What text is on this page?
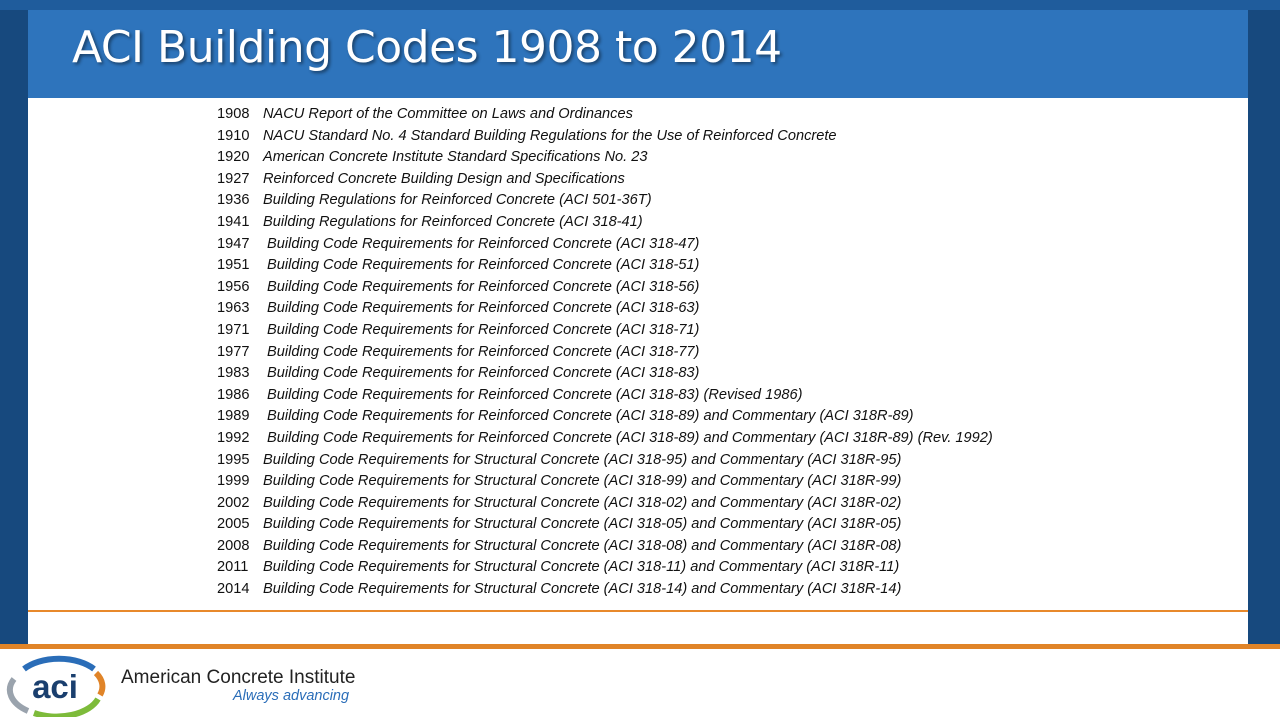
ACI Building Codes 1908 to 2014
1908 NACU Report of the Committee on Laws and Ordinances
1910 NACU Standard No. 4 Standard Building Regulations for the Use of Reinforced Concrete
1920 American Concrete Institute Standard Specifications No. 23
1927 Reinforced Concrete Building Design and Specifications
1936 Building Regulations for Reinforced Concrete (ACI 501-36T)
1941 Building Regulations for Reinforced Concrete (ACI 318-41)
1947 Building Code Requirements for Reinforced Concrete (ACI 318-47)
1951 Building Code Requirements for Reinforced Concrete (ACI 318-51)
1956 Building Code Requirements for Reinforced Concrete (ACI 318-56)
1963 Building Code Requirements for Reinforced Concrete (ACI 318-63)
1971 Building Code Requirements for Reinforced Concrete (ACI 318-71)
1977 Building Code Requirements for Reinforced Concrete (ACI 318-77)
1983 Building Code Requirements for Reinforced Concrete (ACI 318-83)
1986 Building Code Requirements for Reinforced Concrete (ACI 318-83) (Revised 1986)
1989 Building Code Requirements for Reinforced Concrete (ACI 318-89) and Commentary (ACI 318R-89)
1992 Building Code Requirements for Reinforced Concrete (ACI 318-89) and Commentary (ACI 318R-89) (Rev. 1992)
1995 Building Code Requirements for Structural Concrete (ACI 318-95) and Commentary (ACI 318R-95)
1999 Building Code Requirements for Structural Concrete (ACI 318-99) and Commentary (ACI 318R-99)
2002 Building Code Requirements for Structural Concrete (ACI 318-02) and Commentary (ACI 318R-02)
2005 Building Code Requirements for Structural Concrete (ACI 318-05) and Commentary (ACI 318R-05)
2008 Building Code Requirements for Structural Concrete (ACI 318-08) and Commentary (ACI 318R-08)
2011 Building Code Requirements for Structural Concrete (ACI 318-11) and Commentary (ACI 318R-11)
2014 Building Code Requirements for Structural Concrete (ACI 318-14) and Commentary (ACI 318R-14)
aci American Concrete Institute
Always advancing
